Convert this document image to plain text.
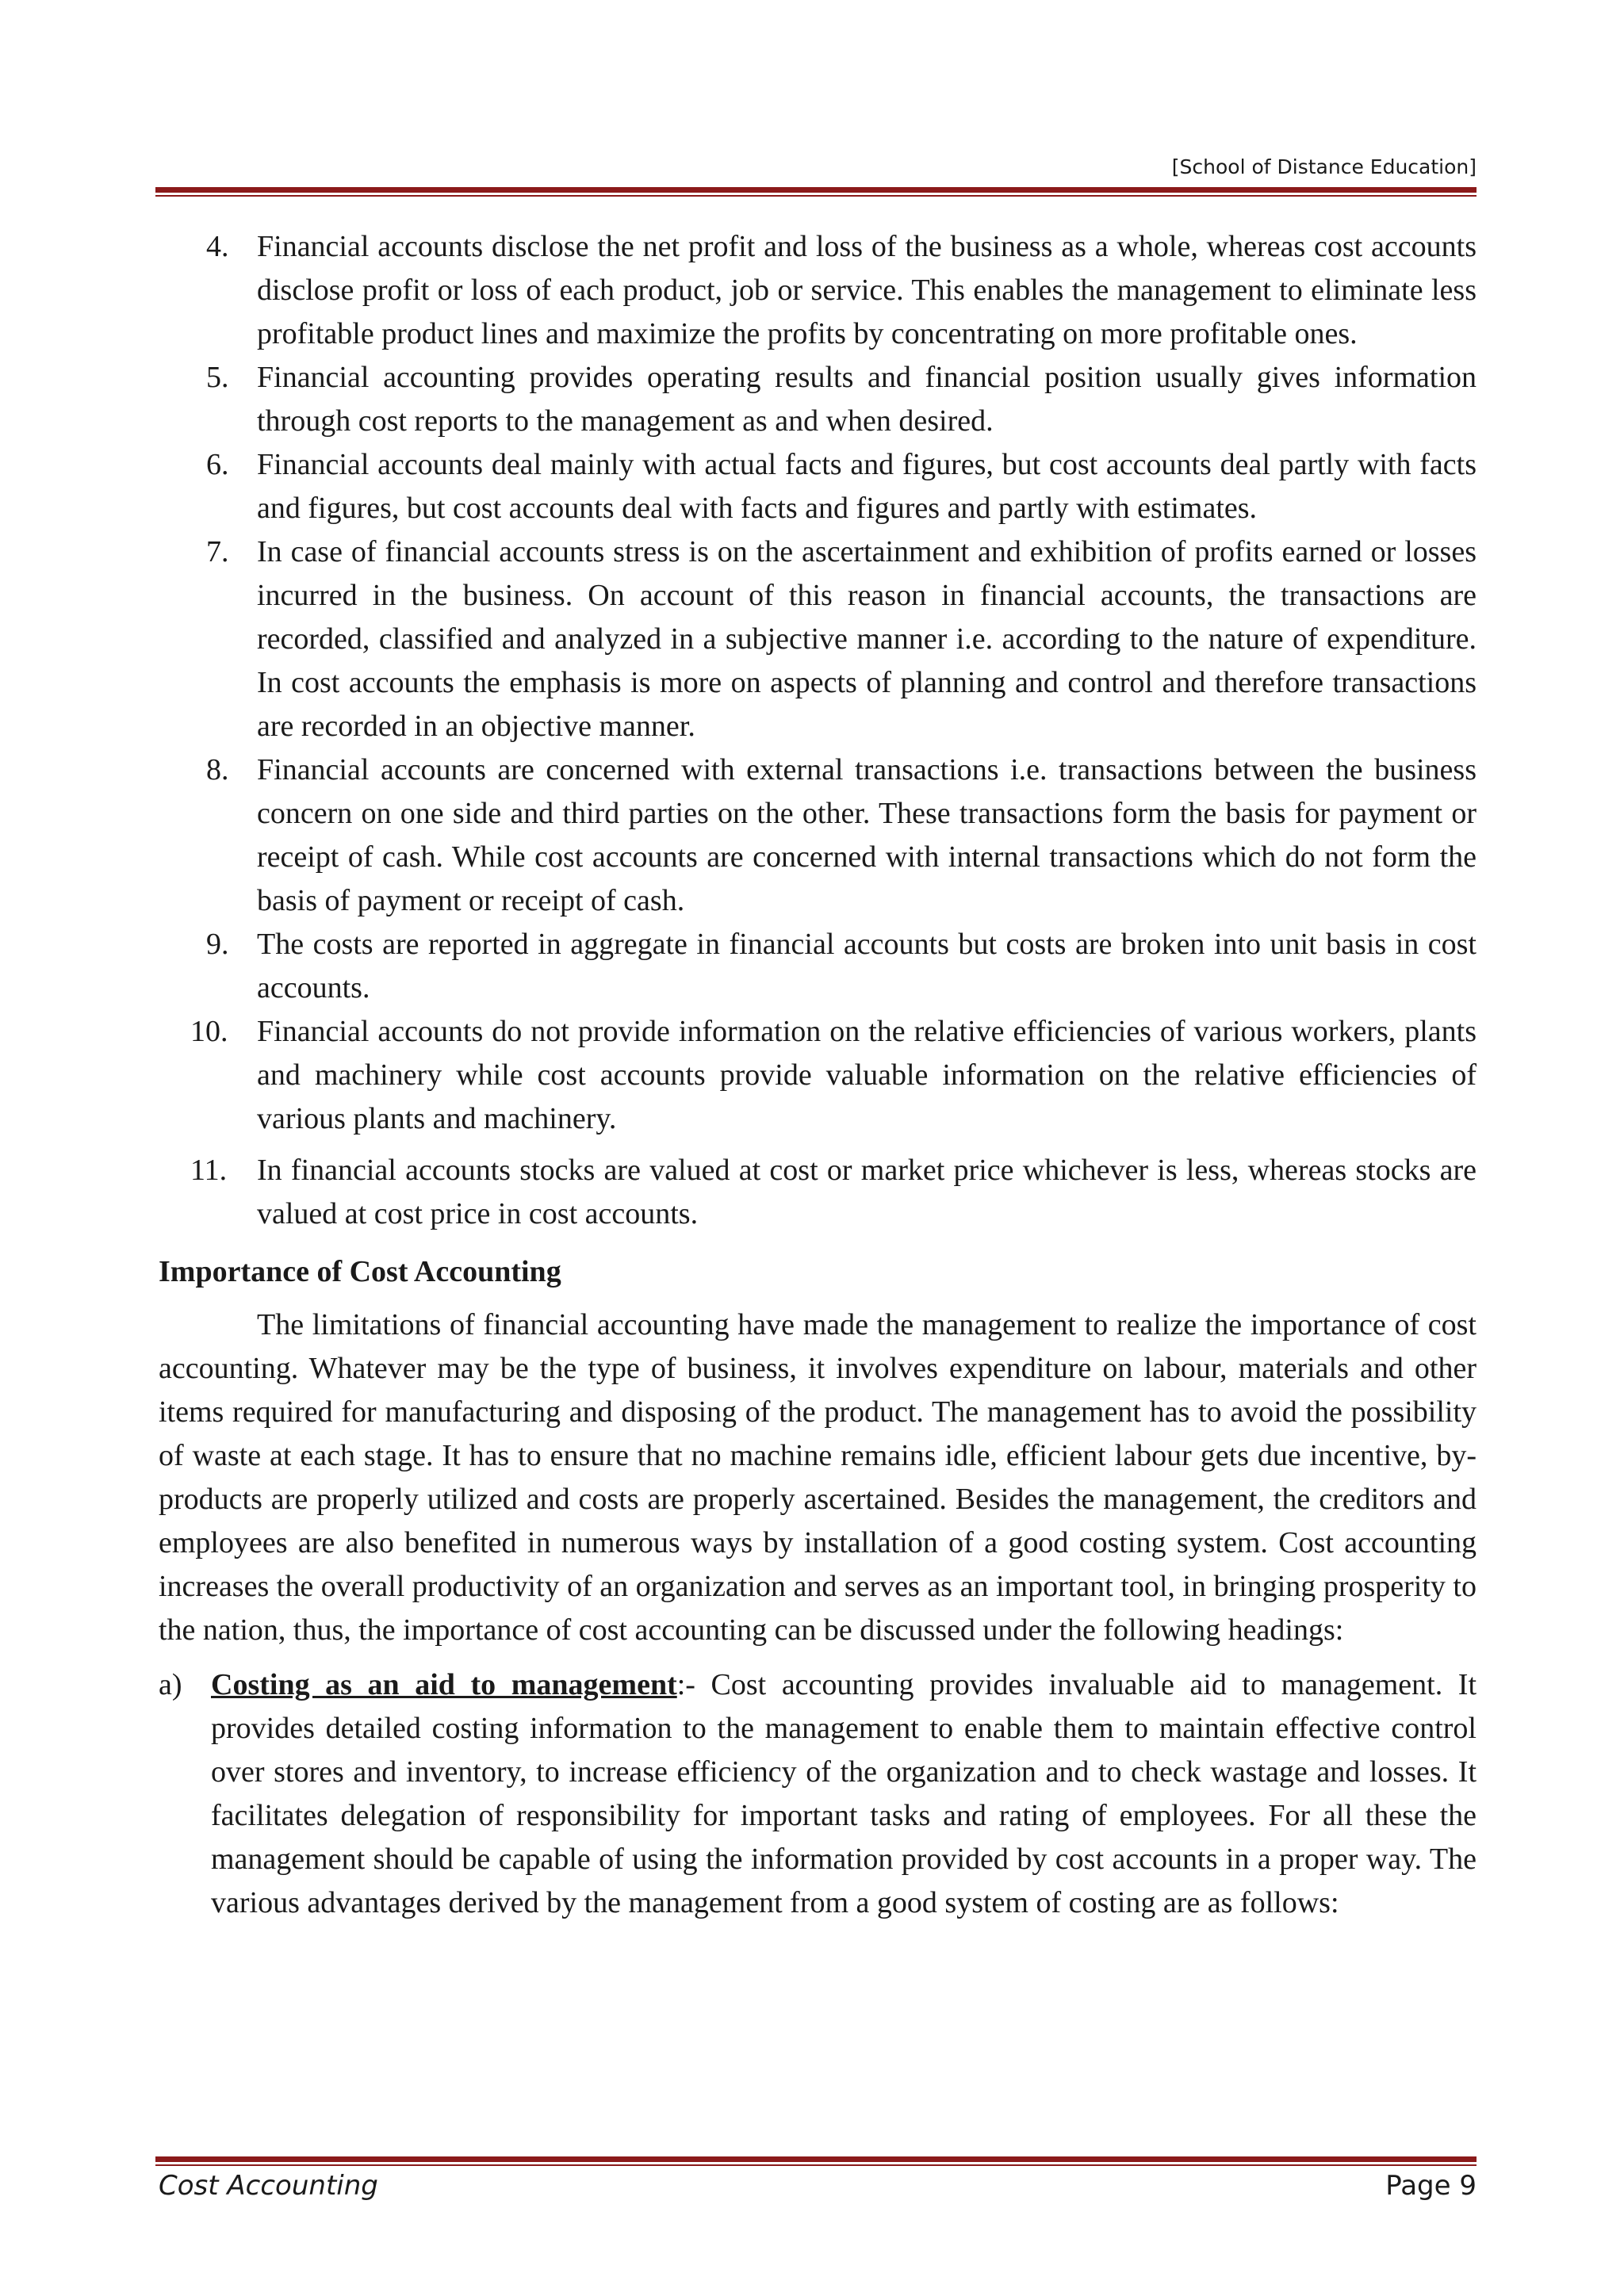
[School of Distance Education]
4. Financial accounts disclose the net profit and loss of the business as a whole, whereas cost accounts disclose profit or loss of each product, job or service. This enables the management to eliminate less profitable product lines and maximize the profits by concentrating on more profitable ones.
5. Financial accounting provides operating results and financial position usually gives information through cost reports to the management as and when desired.
6. Financial accounts deal mainly with actual facts and figures, but cost accounts deal partly with facts and figures, but cost accounts deal with facts and figures and partly with estimates.
7. In case of financial accounts stress is on the ascertainment and exhibition of profits earned or losses incurred in the business. On account of this reason in financial accounts, the transactions are recorded, classified and analyzed in a subjective manner i.e. according to the nature of expenditure. In cost accounts the emphasis is more on aspects of planning and control and therefore transactions are recorded in an objective manner.
8. Financial accounts are concerned with external transactions i.e. transactions between the business concern on one side and third parties on the other. These transactions form the basis for payment or receipt of cash. While cost accounts are concerned with internal transactions which do not form the basis of payment or receipt of cash.
9. The costs are reported in aggregate in financial accounts but costs are broken into unit basis in cost accounts.
10. Financial accounts do not provide information on the relative efficiencies of various workers, plants and machinery while cost accounts provide valuable information on the relative efficiencies of various plants and machinery.
11. In financial accounts stocks are valued at cost or market price whichever is less, whereas stocks are valued at cost price in cost accounts.
Importance of Cost Accounting

The limitations of financial accounting have made the management to realize the importance of cost accounting. Whatever may be the type of business, it involves expenditure on labour, materials and other items required for manufacturing and disposing of the product. The management has to avoid the possibility of waste at each stage. It has to ensure that no machine remains idle, efficient labour gets due incentive, by-products are properly utilized and costs are properly ascertained. Besides the management, the creditors and employees are also benefited in numerous ways by installation of a good costing system. Cost accounting increases the overall productivity of an organization and serves as an important tool, in bringing prosperity to the nation, thus, the importance of cost accounting can be discussed under the following headings:

a) Costing as an aid to management:- Cost accounting provides invaluable aid to management. It provides detailed costing information to the management to enable them to maintain effective control over stores and inventory, to increase efficiency of the organization and to check wastage and losses. It facilitates delegation of responsibility for important tasks and rating of employees. For all these the management should be capable of using the information provided by cost accounts in a proper way. The various advantages derived by the management from a good system of costing are as follows:
Cost Accounting	Page 9
